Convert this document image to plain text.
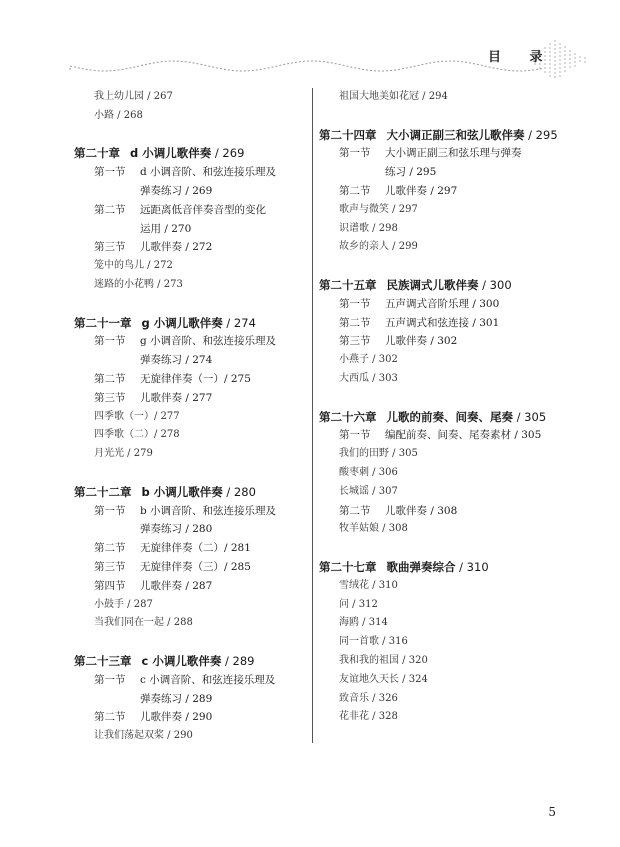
目 录
我上幼儿园 / 267
小路 / 268
第二十章 d 小调儿歌伴奏 / 269
第一节 d 小调音阶、和弦连接乐理及
弹奏练习 / 269
第二节 远距离低音伴奏音型的变化
运用 / 270
第三节 儿歌伴奏 / 272
笼中的鸟儿 / 272
迷路的小花鸭 / 273
第二十一章 g 小调儿歌伴奏 / 274
第一节 g 小调音阶、和弦连接乐理及
弹奏练习 / 274
第二节 无旋律伴奏（一）/ 275
第三节 儿歌伴奏 / 277
四季歌（一）/ 277
四季歌（二）/ 278
月光光 / 279
第二十二章 b 小调儿歌伴奏 / 280
第一节 b 小调音阶、和弦连接乐理及
弹奏练习 / 280
第二节 无旋律伴奏（二）/ 281
第三节 无旋律伴奏（三）/ 285
第四节 儿歌伴奏 / 287
小鼓手 / 287
当我们同在一起 / 288
第二十三章 c 小调儿歌伴奏 / 289
第一节 c 小调音阶、和弦连接乐理及
弹奏练习 / 289
第二节 儿歌伴奏 / 290
让我们荡起双桨 / 290
祖国大地美如花冠 / 294
第二十四章 大小调正副三和弦儿歌伴奏 / 295
第一节 大小调正副三和弦乐理与弹奏
练习 / 295
第二节 儿歌伴奏 / 297
歌声与微笑 / 297
识谱歌 / 298
故乡的亲人 / 299
第二十五章 民族调式儿歌伴奏 / 300
第一节 五声调式音阶乐理 / 300
第二节 五声调式和弦连接 / 301
第三节 儿歌伴奏 / 302
小燕子 / 302
大西瓜 / 303
第二十六章 儿歌的前奏、间奏、尾奏 / 305
第一节 编配前奏、间奏、尾奏素材 / 305
我们的田野 / 305
酸枣刺 / 306
长城谣 / 307
第二节 儿歌伴奏 / 308
牧羊姑娘 / 308
第二十七章 歌曲弹奏综合 / 310
雪绒花 / 310
问 / 312
海鸥 / 314
同一首歌 / 316
我和我的祖国 / 320
友谊地久天长 / 324
致音乐 / 326
花非花 / 328
5
